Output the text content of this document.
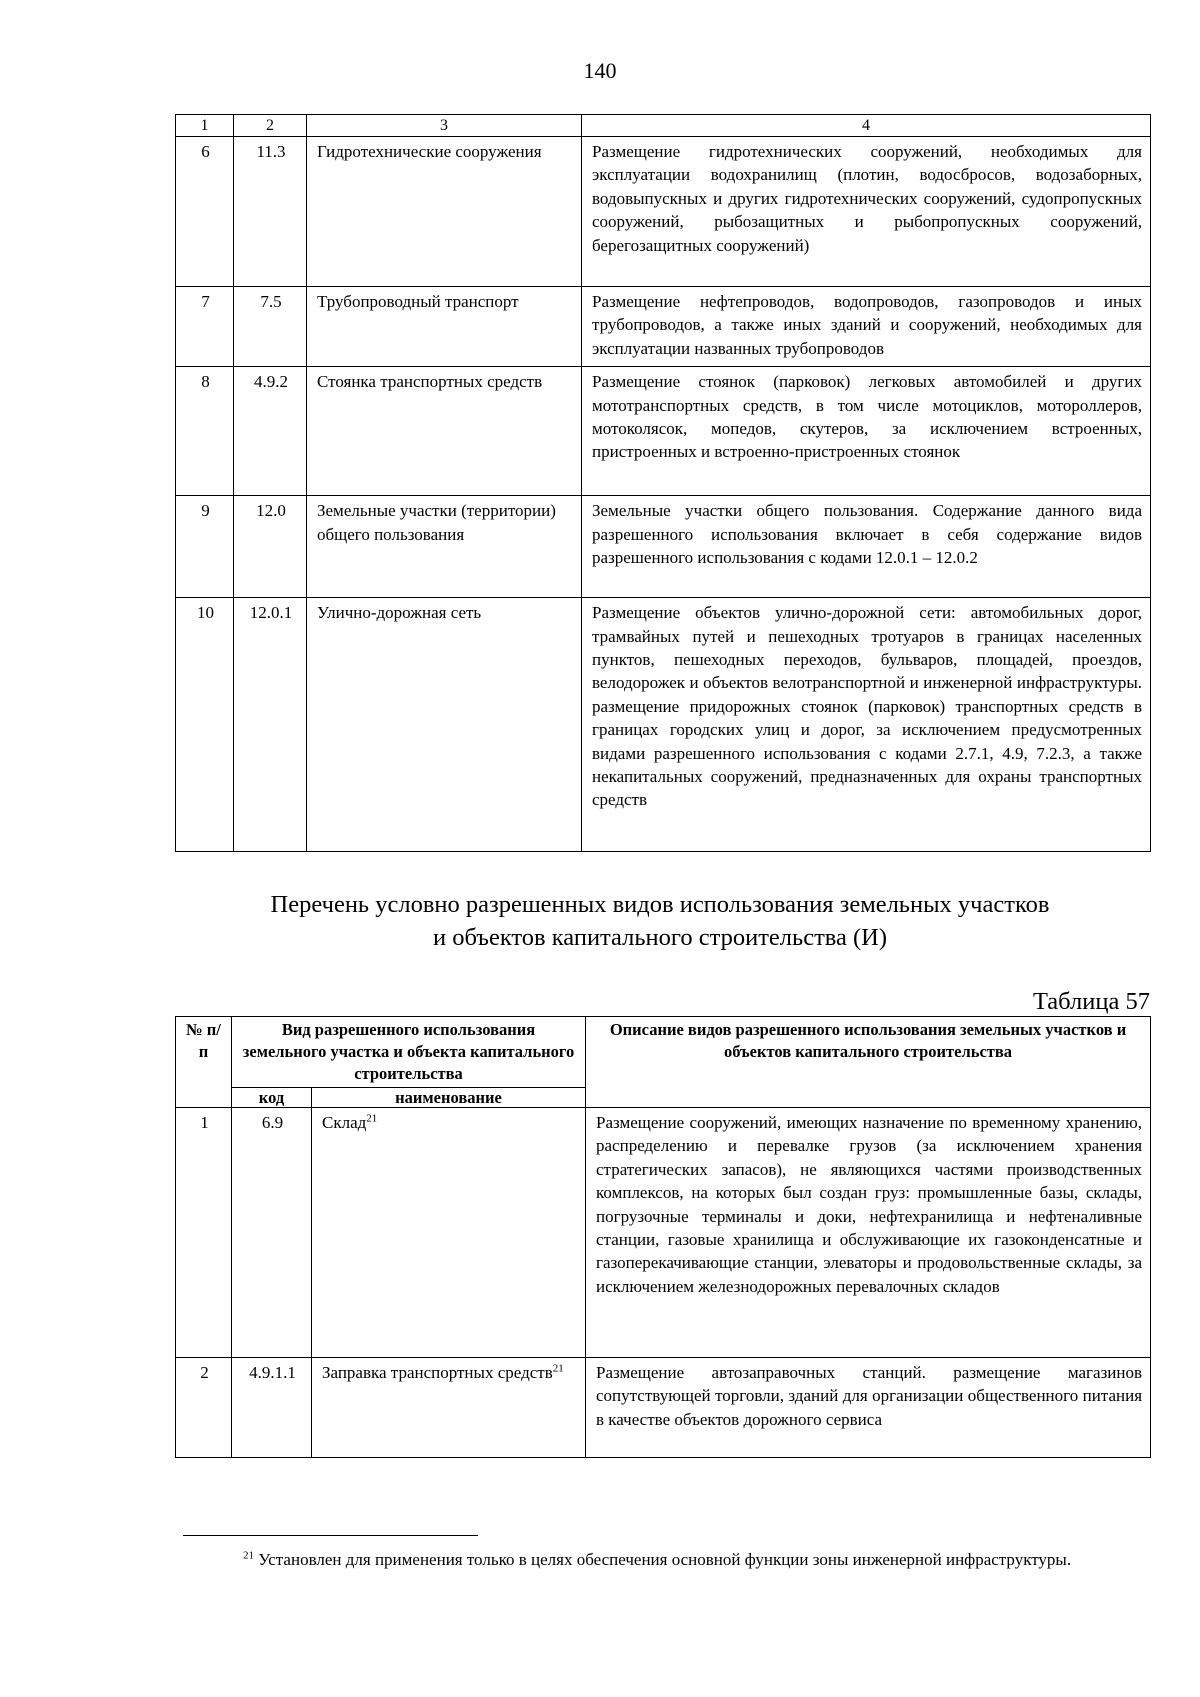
140
1	2	3	4
6	11.3	Гидротехнические сооружения	Размещение гидротехнических сооружений, необходимых для эксплуатации водохранилищ (плотин, водосбросов, водозаборных, водовыпускных и других гидротехнических сооружений, судопропускных сооружений, рыбозащитных и рыбопропускных сооружений, берегозащитных сооружений)
7	7.5	Трубопроводный транспорт	Размещение нефтепроводов, водопроводов, газопроводов и иных трубопроводов, а также иных зданий и сооружений, необходимых для эксплуатации названных трубопроводов
8	4.9.2	Стоянка транспортных средств	Размещение стоянок (парковок) легковых автомобилей и других мототранспортных средств, в том числе мотоциклов, мотороллеров, мотоколясок, мопедов, скутеров, за исключением встроенных, пристроенных и встроенно-пристроенных стоянок
9	12.0	Земельные участки (территории) общего пользования	Земельные участки общего пользования. Содержание данного вида разрешенного использования включает в себя содержание видов разрешенного использования с кодами 12.0.1 – 12.0.2
10	12.0.1	Улично-дорожная сеть	Размещение объектов улично-дорожной сети: автомобильных дорог, трамвайных путей и пешеходных тротуаров в границах населенных пунктов, пешеходных переходов, бульваров, площадей, проездов, велодорожек и объектов велотранспортной и инженерной инфраструктуры. размещение придорожных стоянок (парковок) транспортных средств в границах городских улиц и дорог, за исключением предусмотренных видами разрешенного использования с кодами 2.7.1, 4.9, 7.2.3, а также некапитальных сооружений, предназначенных для охраны транспортных средств
Перечень условно разрешенных видов использования земельных участков
и объектов капитального строительства (И)
Таблица 57
№ п/п	Вид разрешенного использования земельного участка и объекта капитального строительства		Описание видов разрешенного использования земельных участков и объектов капитального строительства
	код	наименование	
1	6.9	Склад$^{21}$	Размещение сооружений, имеющих назначение по временному хранению, распределению и перевалке грузов (за исключением хранения стратегических запасов), не являющихся частями производственных комплексов, на которых был создан груз: промышленные базы, склады, погрузочные терминалы и доки, нефтехранилища и нефтеналивные станции, газовые хранилища и обслуживающие их газоконденсатные и газоперекачивающие станции, элеваторы и продовольственные склады, за исключением железнодорожных перевалочных складов
2	4.9.1.1	Заправка транспортных средств$^{21}$	Размещение автозаправочных станций. размещение магазинов сопутствующей торговли, зданий для организации общественного питания в качестве объектов дорожного сервиса
$^{21}$ Установлен для применения только в целях обеспечения основной функции зоны инженерной инфраструктуры.
